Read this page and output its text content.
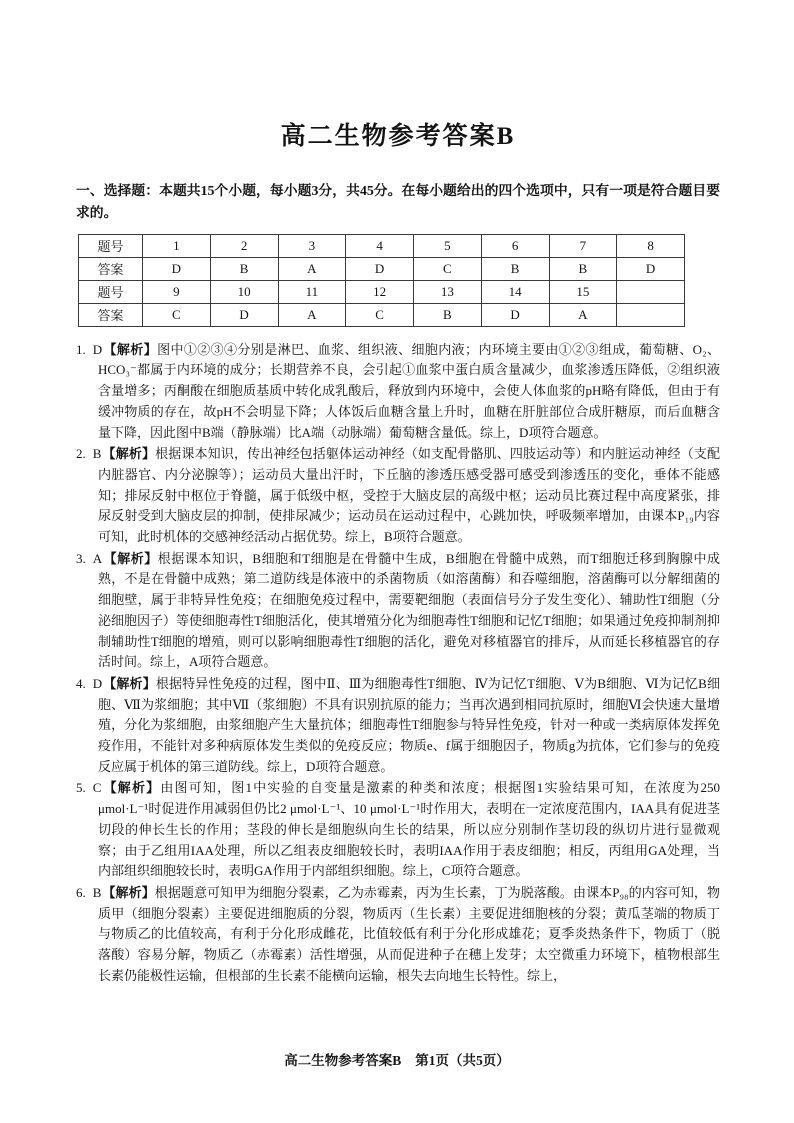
高二生物参考答案B

一、选择题：本题共15个小题，每小题3分，共45分。在每小题给出的四个选项中，只有一项是符合题目要求的。

题号	1	2	3	4	5	6	7	8
答案	D	B	A	D	C	B	B	D
题号	9	10	11	12	13	14	15	
答案	C	D	A	C	B	D	A	
1. D【解析】图中①②③④分别是淋巴、血浆、组织液、细胞内液；内环境主要由①②③组成，葡萄糖、O₂、HCO₃⁻都属于内环境的成分；长期营养不良，会引起①血浆中蛋白质含量减少，血浆渗透压降低，②组织液含量增多；丙酮酸在细胞质基质中转化成乳酸后，释放到内环境中，会使人体血浆的pH略有降低，但由于有缓冲物质的存在，故pH不会明显下降；人体饭后血糖含量上升时，血糖在肝脏部位合成肝糖原，而后血糖含量下降，因此图中B端（静脉端）比A端（动脉端）葡萄糖含量低。综上，D项符合题意。
2. B【解析】根据课本知识，传出神经包括躯体运动神经（如支配骨骼肌、四肢运动等）和内脏运动神经（支配内脏器官、内分泌腺等）；运动员大量出汗时，下丘脑的渗透压感受器可感受到渗透压的变化，垂体不能感知；排尿反射中枢位于脊髓，属于低级中枢，受控于大脑皮层的高级中枢；运动员比赛过程中高度紧张，排尿反射受到大脑皮层的抑制，使排尿减少；运动员在运动过程中，心跳加快，呼吸频率增加，由课本P₁₉内容可知，此时机体的交感神经活动占据优势。综上，B项符合题意。
3. A【解析】根据课本知识，B细胞和T细胞是在骨髓中生成，B细胞在骨髓中成熟，而T细胞迁移到胸腺中成熟，不是在骨髓中成熟；第二道防线是体液中的杀菌物质（如溶菌酶）和吞噬细胞，溶菌酶可以分解细菌的细胞壁，属于非特异性免疫；在细胞免疫过程中，需要靶细胞（表面信号分子发生变化）、辅助性T细胞（分泌细胞因子）等使细胞毒性T细胞活化，使其增殖分化为细胞毒性T细胞和记忆T细胞；如果通过免疫抑制剂抑制辅助性T细胞的增殖，则可以影响细胞毒性T细胞的活化，避免对移植器官的排斥，从而延长移植器官的存活时间。综上，A项符合题意。
4. D【解析】根据特异性免疫的过程，图中Ⅱ、Ⅲ为细胞毒性T细胞、Ⅳ为记忆T细胞、Ⅴ为B细胞、Ⅵ为记忆B细胞、Ⅶ为浆细胞；其中Ⅶ（浆细胞）不具有识别抗原的能力；当再次遇到相同抗原时，细胞Ⅵ会快速大量增殖，分化为浆细胞，由浆细胞产生大量抗体；细胞毒性T细胞参与特异性免疫，针对一种或一类病原体发挥免疫作用，不能针对多种病原体发生类似的免疫反应；物质e、f属于细胞因子，物质g为抗体，它们参与的免疫反应属于机体的第三道防线。综上，D项符合题意。
5. C【解析】由图可知，图1中实验的自变量是激素的种类和浓度；根据图1实验结果可知，在浓度为250 μmol·L⁻¹时促进作用减弱但仍比2 μmol·L⁻¹、10 μmol·L⁻¹时作用大，表明在一定浓度范围内，IAA具有促进茎切段的伸长生长的作用；茎段的伸长是细胞纵向生长的结果，所以应分别制作茎切段的纵切片进行显微观察；由于乙组用IAA处理，所以乙组表皮细胞较长时，表明IAA作用于表皮细胞；相反，丙组用GA处理，当内部组织细胞较长时，表明GA作用于内部组织细胞。综上，C项符合题意。
6. B【解析】根据题意可知甲为细胞分裂素，乙为赤霉素，丙为生长素，丁为脱落酸。由课本P₉₈的内容可知，物质甲（细胞分裂素）主要促进细胞质的分裂，物质丙（生长素）主要促进细胞核的分裂；黄瓜茎端的物质丁与物质乙的比值较高，有利于分化形成雌花，比值较低有利于分化形成雄花；夏季炎热条件下，物质丁（脱落酸）容易分解，物质乙（赤霉素）活性增强，从而促进种子在穗上发芽；太空微重力环境下，植物根部生长素仍能极性运输，但根部的生长素不能横向运输，根失去向地生长特性。综上，
高二生物参考答案B 第1页（共5页）
